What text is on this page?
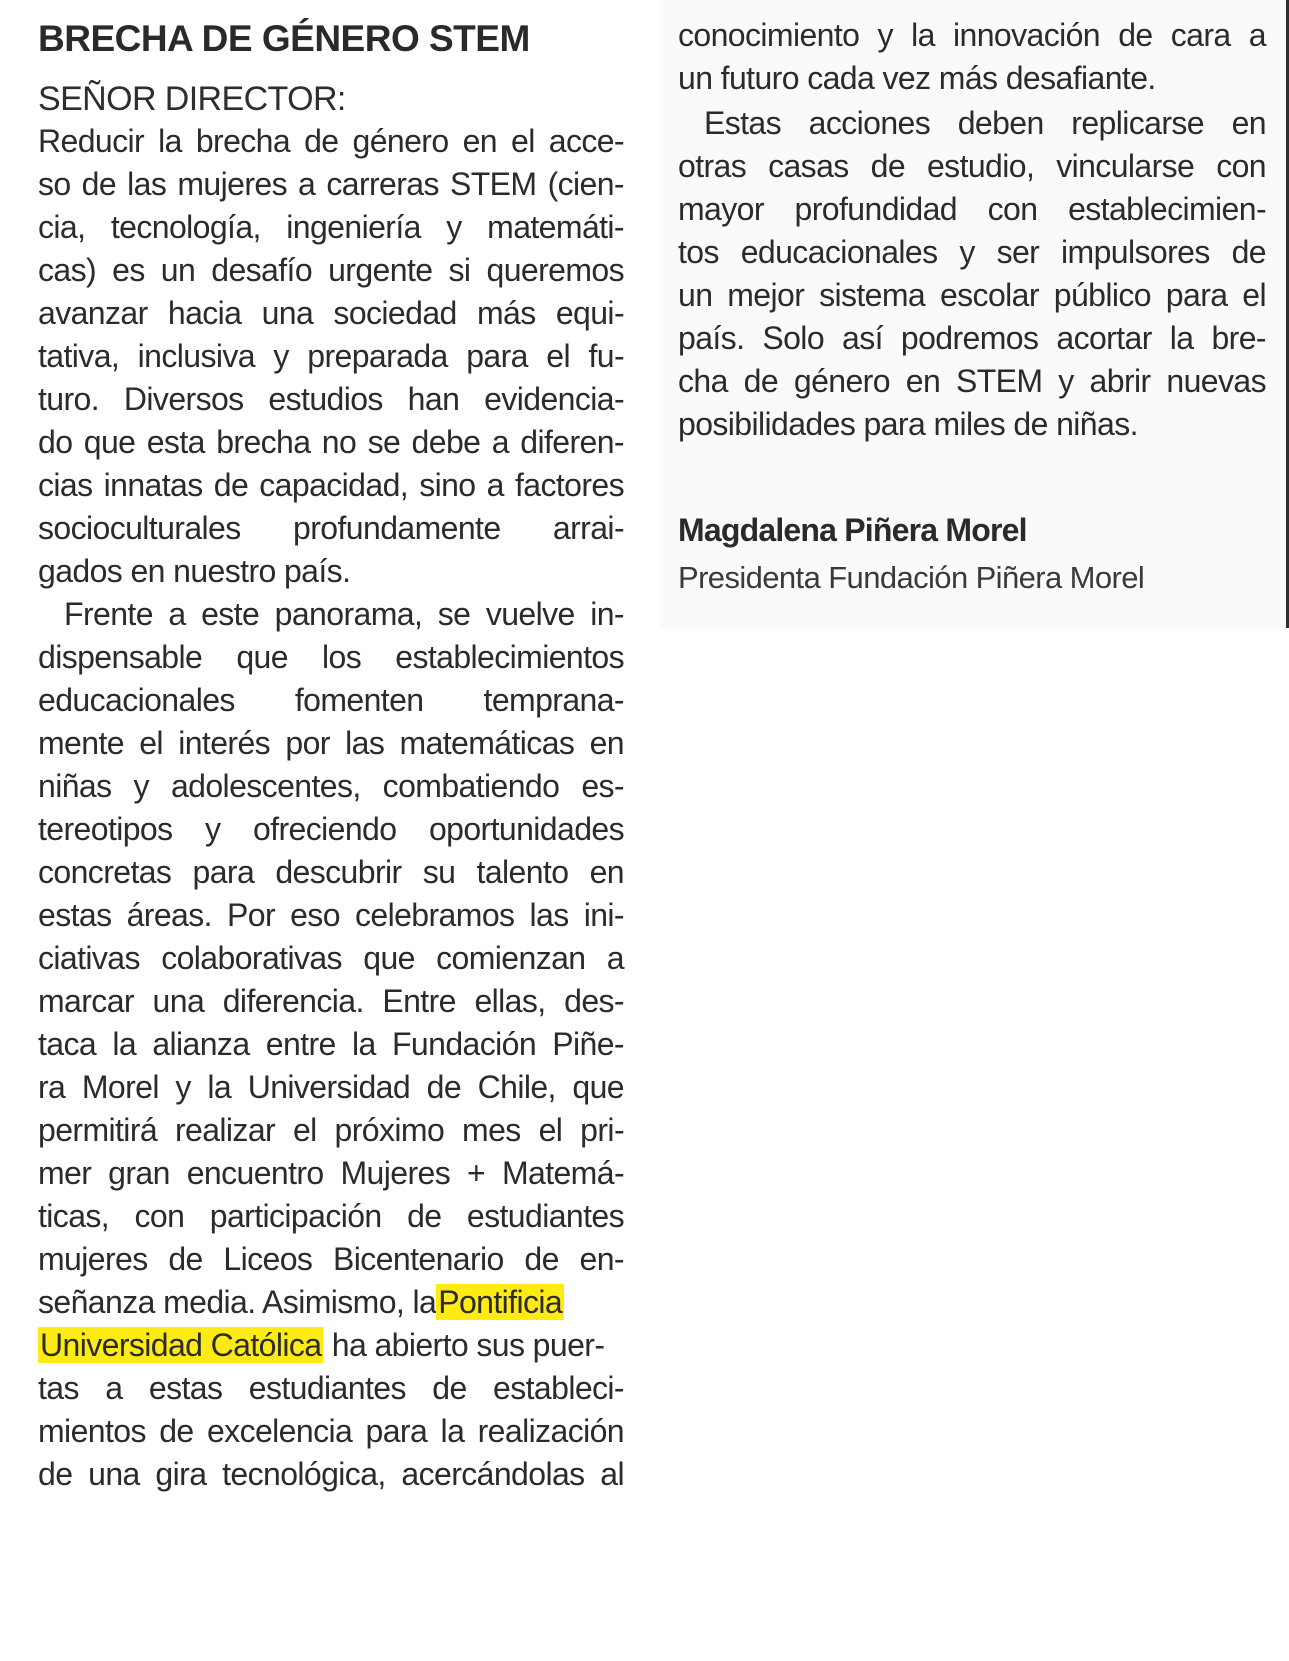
BRECHA DE GÉNERO STEM
SEÑOR DIRECTOR:
Reducir la brecha de género en el acce-
so de las mujeres a carreras STEM (cien-
cia, tecnología, ingeniería y matemáti-
cas) es un desafío urgente si queremos
avanzar hacia una sociedad más equi-
tativa, inclusiva y preparada para el fu-
turo. Diversos estudios han evidencia-
do que esta brecha no se debe a diferen-
cias innatas de capacidad, sino a factores
socioculturales profundamente arrai-
gados en nuestro país.
Frente a este panorama, se vuelve in-
dispensable que los establecimientos
educacionales fomenten temprana-
mente el interés por las matemáticas en
niñas y adolescentes, combatiendo es-
tereotipos y ofreciendo oportunidades
concretas para descubrir su talento en
estas áreas. Por eso celebramos las ini-
ciativas colaborativas que comienzan a
marcar una diferencia. Entre ellas, des-
taca la alianza entre la Fundación Piñe-
ra Morel y la Universidad de Chile, que
permitirá realizar el próximo mes el pri-
mer gran encuentro Mujeres + Matemá-
ticas, con participación de estudiantes
mujeres de Liceos Bicentenario de en-
señanza media. Asimismo, laPontificia
Universidad Católica ha abierto sus puer-
tas a estas estudiantes de estableci-
mientos de excelencia para la realización
de una gira tecnológica, acercándolas al
conocimiento y la innovación de cara a
un futuro cada vez más desafiante.
Estas acciones deben replicarse en
otras casas de estudio, vincularse con
mayor profundidad con establecimien-
tos educacionales y ser impulsores de
un mejor sistema escolar público para el
país. Solo así podremos acortar la bre-
cha de género en STEM y abrir nuevas
posibilidades para miles de niñas.
Magdalena Piñera Morel
Presidenta Fundación Piñera Morel
